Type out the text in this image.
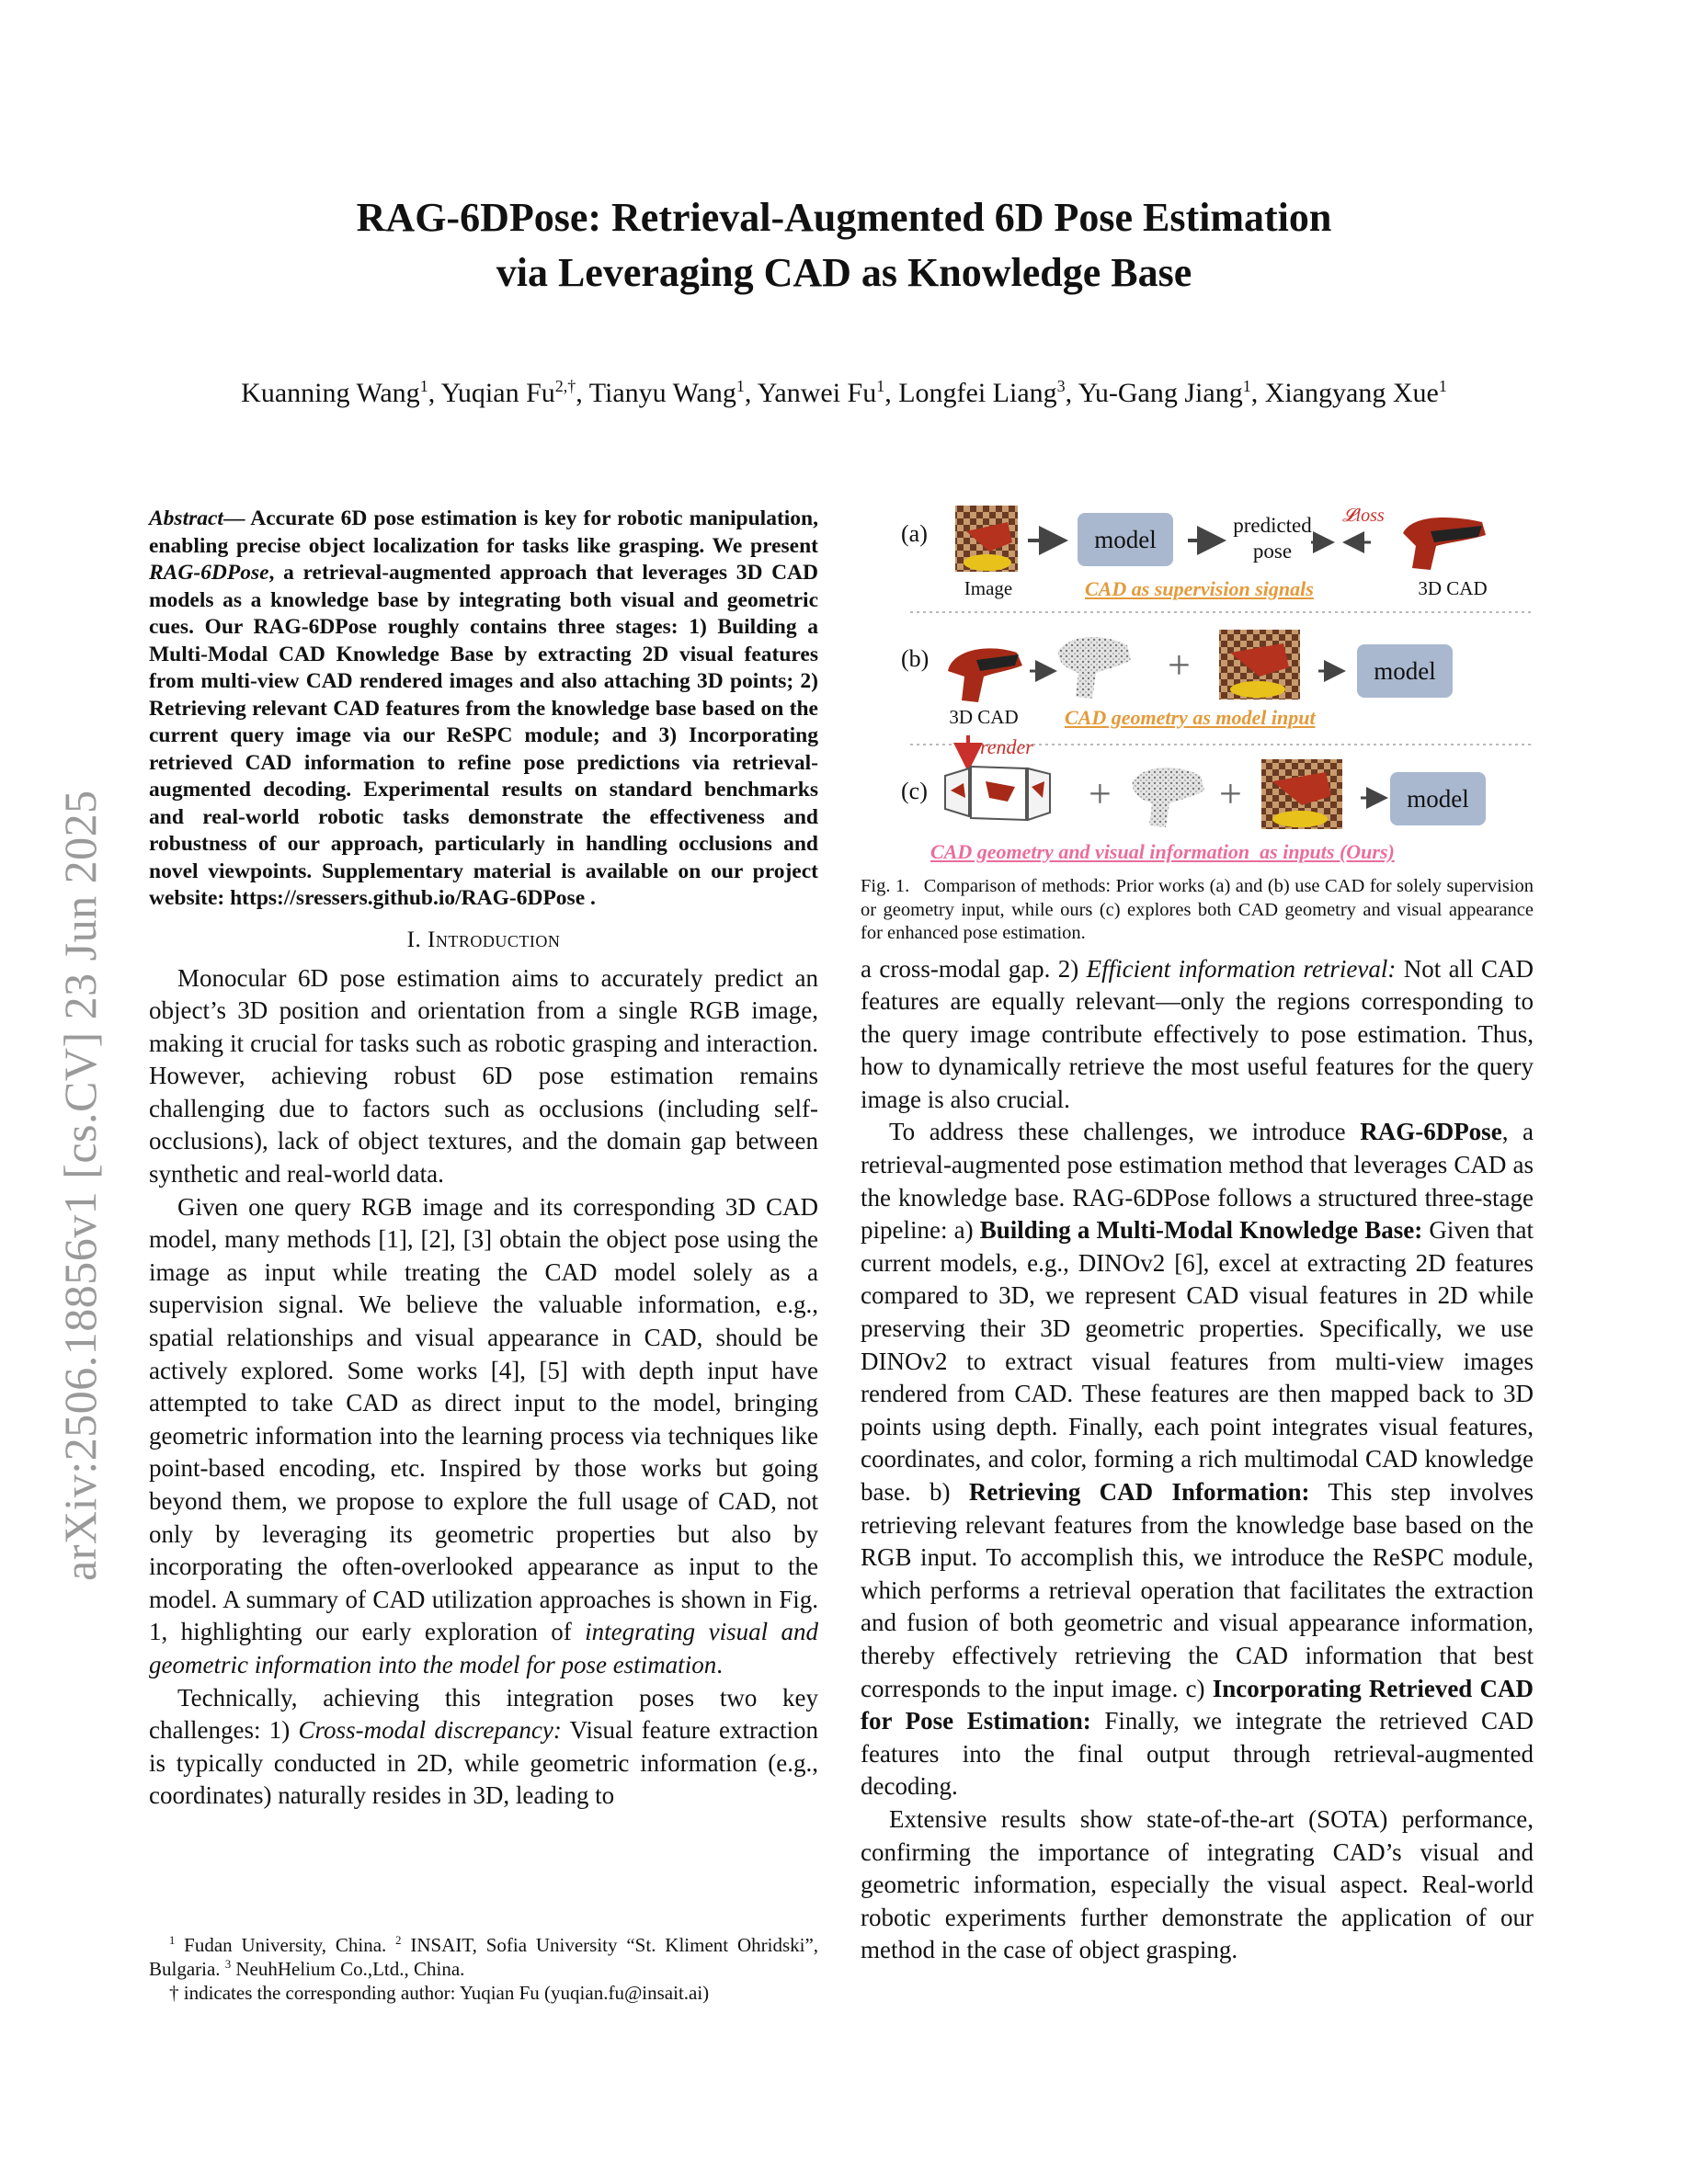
arXiv:2506.18856v1 [cs.CV] 23 Jun 2025
RAG-6DPose: Retrieval-Augmented 6D Pose Estimation
via Leveraging CAD as Knowledge Base
Kuanning Wang$^1$, Yuqian $Fu^{2,\dagger}$, Tianyu Wang$^1$, Yanwei Fu$^1$, Longfei Liang$^3$, Yu-Gang Jiang$^1$, Xiangyang Xue$^1$

Abstract— Accurate 6D pose estimation is key for robotic manipulation, enabling precise object localization for tasks like grasping. We present RAG-6DPose, a retrieval-augmented approach that leverages 3D CAD models as a knowledge base by integrating both visual and geometric cues. Our RAG-6DPose roughly contains three stages: 1) Building a Multi-Modal CAD Knowledge Base by extracting 2D visual features from multi-view CAD rendered images and also attaching 3D points; 2) Retrieving relevant CAD features from the knowledge base based on the current query image via our ReSPC module; and 3) Incorporating retrieved CAD information to refine pose predictions via retrieval-augmented decoding. Experimental results on standard benchmarks and real-world robotic tasks demonstrate the effectiveness and robustness of our approach, particularly in handling occlusions and novel viewpoints. Supplementary material is available on our project website: https://sressers.github.io/RAG-6DPose .

I. Introduction

Monocular 6D pose estimation aims to accurately predict an object’s 3D position and orientation from a single RGB image, making it crucial for tasks such as robotic grasping and interaction. However, achieving robust 6D pose estimation remains challenging due to factors such as occlusions (including self-occlusions), lack of object textures, and the domain gap between synthetic and real-world data.

Given one query RGB image and its corresponding 3D CAD model, many methods [1], [2], [3] obtain the object pose using the image as input while treating the CAD model solely as a supervision signal. We believe the valuable information, e.g., spatial relationships and visual appearance in CAD, should be actively explored. Some works [4], [5] with depth input have attempted to take CAD as direct input to the model, bringing geometric information into the learning process via techniques like point-based encoding, etc. Inspired by those works but going beyond them, we propose to explore the full usage of CAD, not only by leveraging its geometric properties but also by incorporating the often-overlooked appearance as input to the model. A summary of CAD utilization approaches is shown in Fig. 1, highlighting our early exploration of integrating visual and geometric information into the model for pose estimation.

Technically, achieving this integration poses two key challenges: 1) Cross-modal discrepancy: Visual feature extraction is typically conducted in 2D, while geometric information (e.g., coordinates) naturally resides in 3D, leading to

$^1$ Fudan University, China. $^2$ INSAIT, Sofia University “St. Kliment Ohridski”, Bulgaria. $^3$ NeuhHelium Co.,Ltd., China.

† indicates the corresponding author: Yuqian Fu (yuqian.fu@insait.ai)

(a)	model
predicted
pose
𝓛loss
Image	CAD as supervision signals	3D CAD
(b)	+	model
3D CAD	CAD geometry as model input
render
(c)	+	+	model
CAD geometry and visual information  as inputs (Ours)

Fig. 1. Comparison of methods: Prior works (a) and (b) use CAD for solely supervision or geometry input, while ours (c) explores both CAD geometry and visual appearance for enhanced pose estimation.

a cross-modal gap. 2) Efficient information retrieval: Not all CAD features are equally relevant—only the regions corresponding to the query image contribute effectively to pose estimation. Thus, how to dynamically retrieve the most useful features for the query image is also crucial.

To address these challenges, we introduce RAG-6DPose, a retrieval-augmented pose estimation method that leverages CAD as the knowledge base. RAG-6DPose follows a structured three-stage pipeline: a) Building a Multi-Modal Knowledge Base: Given that current models, e.g., DINOv2 [6], excel at extracting 2D features compared to 3D, we represent CAD visual features in 2D while preserving their 3D geometric properties. Specifically, we use DINOv2 to extract visual features from multi-view images rendered from CAD. These features are then mapped back to 3D points using depth. Finally, each point integrates visual features, coordinates, and color, forming a rich multimodal CAD knowledge base. b) Retrieving CAD Information: This step involves retrieving relevant features from the knowledge base based on the RGB input. To accomplish this, we introduce the ReSPC module, which performs a retrieval operation that facilitates the extraction and fusion of both geometric and visual appearance information, thereby effectively retrieving the CAD information that best corresponds to the input image. c) Incorporating Retrieved CAD for Pose Estimation: Finally, we integrate the retrieved CAD features into the final output through retrieval-augmented decoding.

Extensive results show state-of-the-art (SOTA) performance, confirming the importance of integrating CAD’s visual and geometric information, especially the visual aspect. Real-world robotic experiments further demonstrate the application of our method in the case of object grasping.
